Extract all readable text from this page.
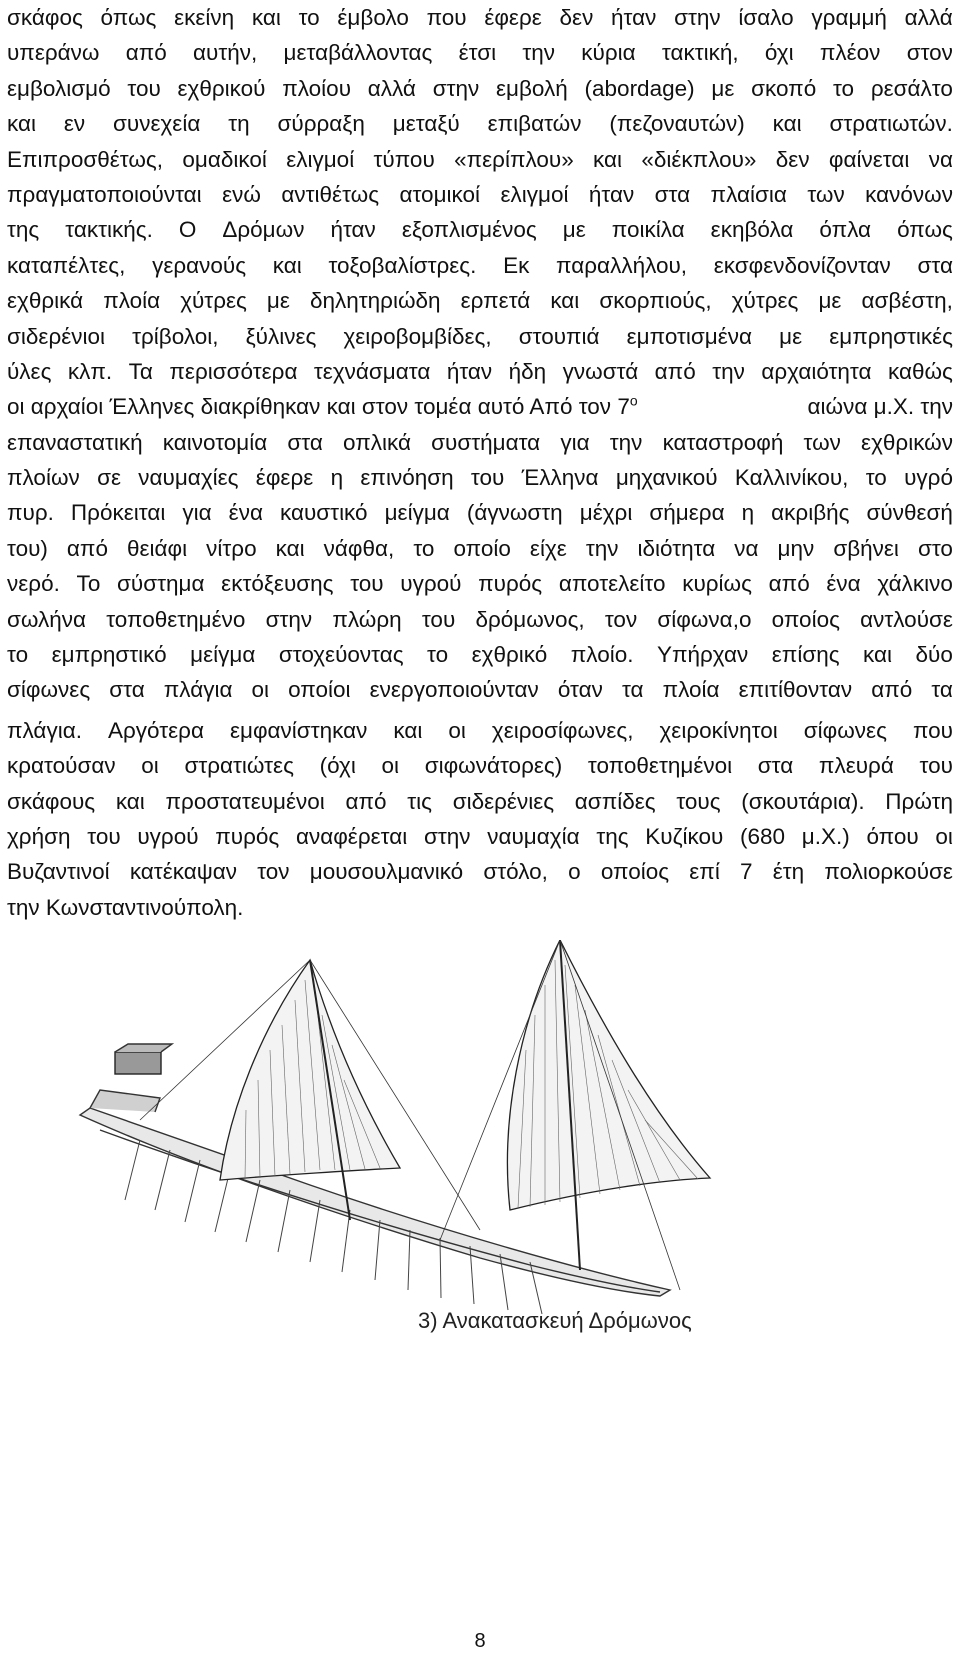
σκάφος όπως εκείνη και το έμβολο που έφερε δεν ήταν στην ίσαλο γραμμή αλλά
υπεράνω από αυτήν, μεταβάλλοντας έτσι την κύρια τακτική, όχι πλέον στον
εμβολισμό του εχθρικού πλοίου αλλά στην εμβολή (abordage) με σκοπό το ρεσάλτο
και εν συνεχεία τη σύρραξη μεταξύ επιβατών (πεζοναυτών) και στρατιωτών.
Επιπροσθέτως, ομαδικοί ελιγμοί τύπου «περίπλου» και «διέκπλου» δεν φαίνεται να
πραγματοποιούνται ενώ αντιθέτως ατομικοί ελιγμοί ήταν στα πλαίσια των κανόνων
της τακτικής. Ο Δρόμων ήταν εξοπλισμένος με ποικίλα εκηβόλα όπλα όπως
καταπέλτες, γερανούς και τοξοβαλίστρες. Εκ παραλλήλου, εκσφενδονίζονταν στα
εχθρικά πλοία χύτρες με δηλητηριώδη ερπετά και σκορπιούς, χύτρες με ασβέστη,
σιδερένιοι τρίβολοι, ξύλινες χειροβομβίδες, στουπιά εμποτισμένα με εμπρηστικές
ύλες κλπ. Τα περισσότερα τεχνάσματα ήταν ήδη γνωστά από την αρχαιότητα καθώς
οι αρχαίοι Έλληνες διακρίθηκαν και στον τομέα αυτό Από τον $7^o$	αιώνα μ.Χ. την
επαναστατική καινοτομία στα οπλικά συστήματα για την καταστροφή των εχθρικών
πλοίων σε ναυμαχίες έφερε η επινόηση του Έλληνα μηχανικού Καλλινίκου, το υγρό
πυρ. Πρόκειται για ένα καυστικό μείγμα (άγνωστη μέχρι σήμερα η ακριβής σύνθεσή
του) από θειάφι νίτρο και νάφθα, το οποίο είχε την ιδιότητα να μην σβήνει στο
νερό. Το σύστημα εκτόξευσης του υγρού πυρός αποτελείτο κυρίως από ένα χάλκινο
σωλήνα τοποθετημένο στην πλώρη του δρόμωνος, τον σίφωνα,ο οποίος αντλούσε
το εμπρηστικό μείγμα στοχεύοντας το εχθρικό πλοίο. Υπήρχαν επίσης και δύο
σίφωνες στα πλάγια οι οποίοι ενεργοποιούνταν όταν τα πλοία επιτίθονταν από τα
πλάγια. Αργότερα εμφανίστηκαν και οι χειροσίφωνες, χειροκίνητοι σίφωνες που
κρατούσαν οι στρατιώτες (όχι οι σιφωνάτορες) τοποθετημένοι στα πλευρά του
σκάφους και προστατευμένοι από τις σιδερένιες ασπίδες τους (σκουτάρια). Πρώτη
χρήση του υγρού πυρός αναφέρεται στην ναυμαχία της Κυζίκου (680 μ.Χ.) όπου οι
Βυζαντινοί κατέκαψαν τον μουσουλμανικό στόλο, ο οποίος επί 7 έτη πολιορκούσε
την Κωνσταντινούπολη.
3) Ανακατασκευή Δρόμωνος
8
